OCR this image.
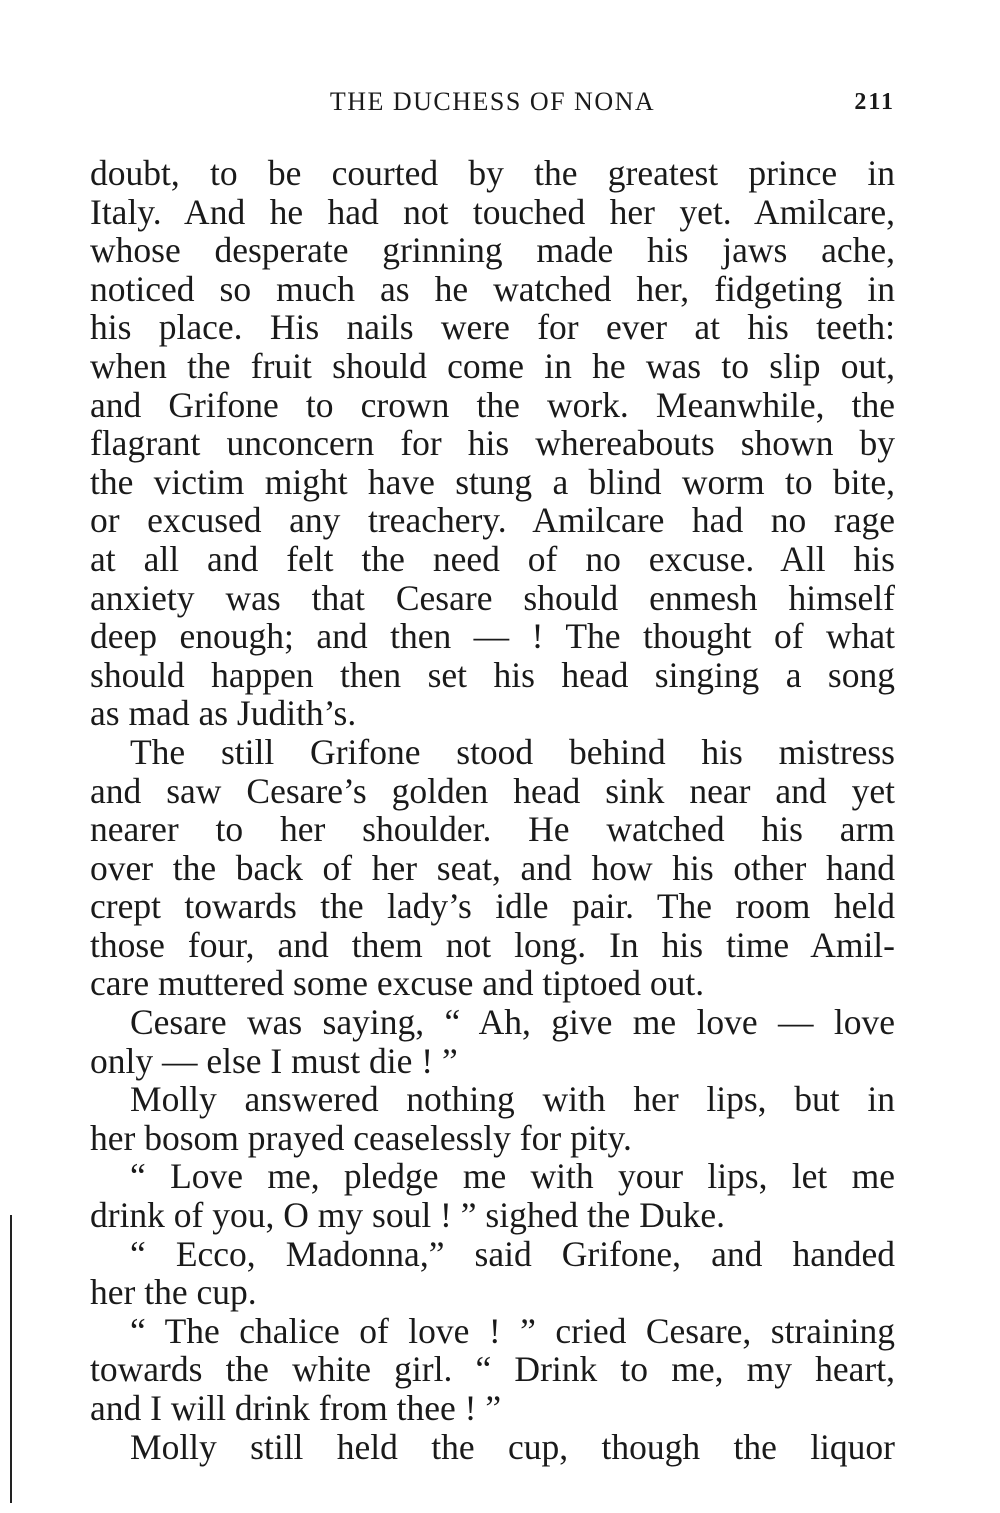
THE DUCHESS OF NONA	211

doubt, to be courted by the greatest prince in

Italy. And he had not touched her yet. Amilcare,

whose desperate grinning made his jaws ache,

noticed so much as he watched her, fidgeting in

his place. His nails were for ever at his teeth:

when the fruit should come in he was to slip out,

and Grifone to crown the work. Meanwhile, the

flagrant unconcern for his whereabouts shown by

the victim might have stung a blind worm to bite,

or excused any treachery. Amilcare had no rage

at all and felt the need of no excuse. All his

anxiety was that Cesare should enmesh himself

deep enough; and then — ! The thought of what

should happen then set his head singing a song

as mad as Judith’s.

The still Grifone stood behind his mistress

and saw Cesare’s golden head sink near and yet

nearer to her shoulder. He watched his arm

over the back of her seat, and how his other hand

crept towards the lady’s idle pair. The room held

those four, and them not long. In his time Amil-

care muttered some excuse and tiptoed out.

Cesare was saying, “ Ah, give me love — love

only — else I must die ! ”

Molly answered nothing with her lips, but in

her bosom prayed ceaselessly for pity.

“ Love me, pledge me with your lips, let me

drink of you, O my soul ! ” sighed the Duke.

“ Ecco, Madonna,” said Grifone, and handed

her the cup.

“ The chalice of love ! ” cried Cesare, straining

towards the white girl. “ Drink to me, my heart,

and I will drink from thee ! ”

Molly still held the cup, though the liquor
